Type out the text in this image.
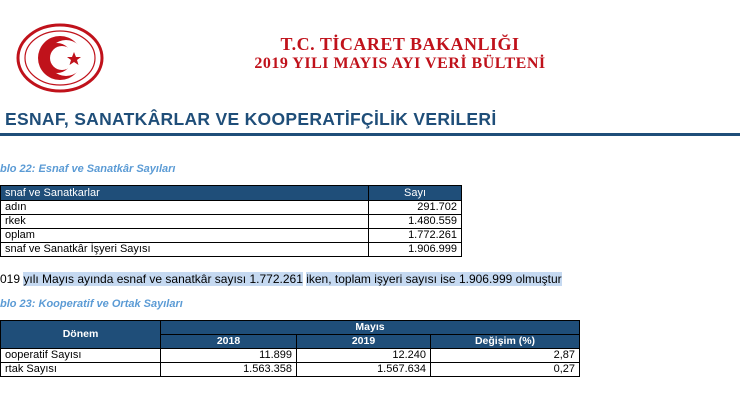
T.C. TİCARET BAKANLIĞI
2019 YILI MAYIS AYI VERİ BÜLTENİ
ESNAF, SANATKÂRLAR VE KOOPERATİFÇİLİK VERİLERİ
blo 22: Esnaf ve Sanatkâr Sayıları
snaf ve Sanatkarlar	Sayı
adın	291.702
rkek	1.480.559
oplam	1.772.261
snaf ve Sanatkâr İşyeri Sayısı	1.906.999
019 yılı Mayıs ayında esnaf ve sanatkâr sayısı 1.772.261 iken, toplam işyeri sayısı ise 1.906.999 olmuştur
blo 23: Kooperatif ve Ortak Sayıları
Dönem	Mayıs		
	2018	2019	Değişim (%)
ooperatif Sayısı	11.899	12.240	2,87
rtak Sayısı	1.563.358	1.567.634	0,27
